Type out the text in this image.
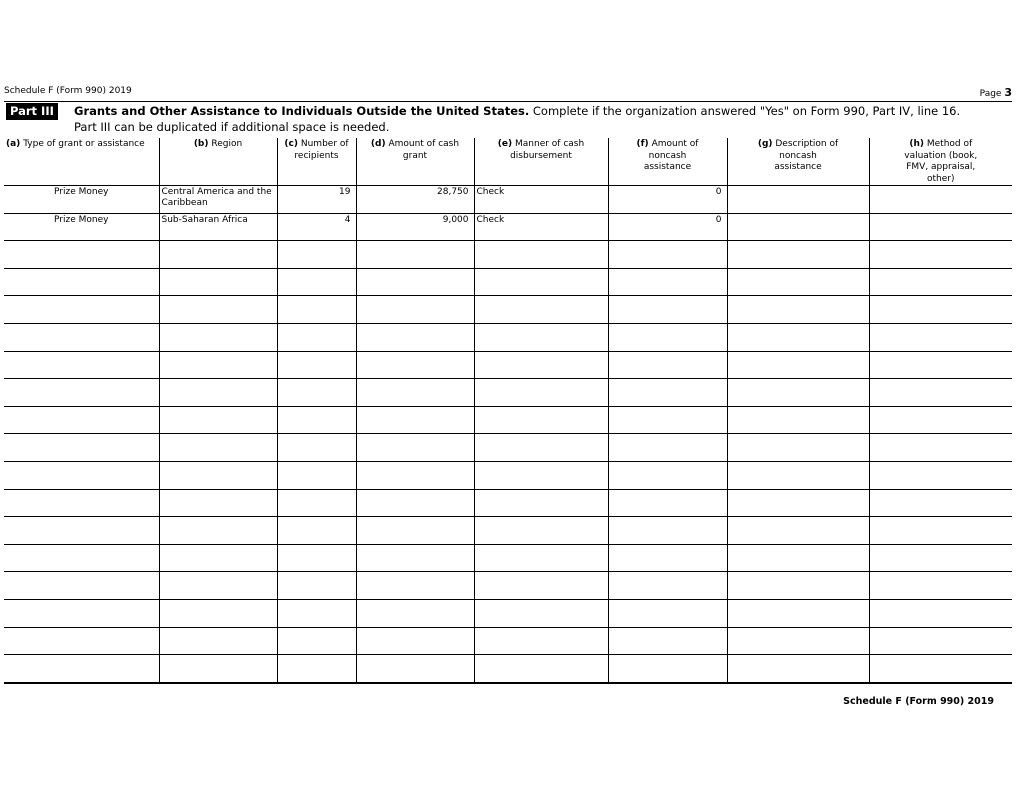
Schedule F (Form 990) 2019	Page 3
Part III	Grants and Other Assistance to Individuals Outside the United States. Complete if the organization answered "Yes" on Form 990, Part IV, line 16.
Part III can be duplicated if additional space is needed.
(a) Type of grant or assistance	(b) Region	(c) Number of recipients	(d) Amount of cash grant	(e) Manner of cash disbursement	(f) Amount of noncash assistance	(g) Description of noncash assistance	(h) Method of valuation (book, FMV, appraisal, other)
Prize Money	Central America and the Caribbean	19	28,750	Check	0		
Prize Money	Sub-Saharan Africa	4	9,000	Check	0		

Schedule F (Form 990) 2019
